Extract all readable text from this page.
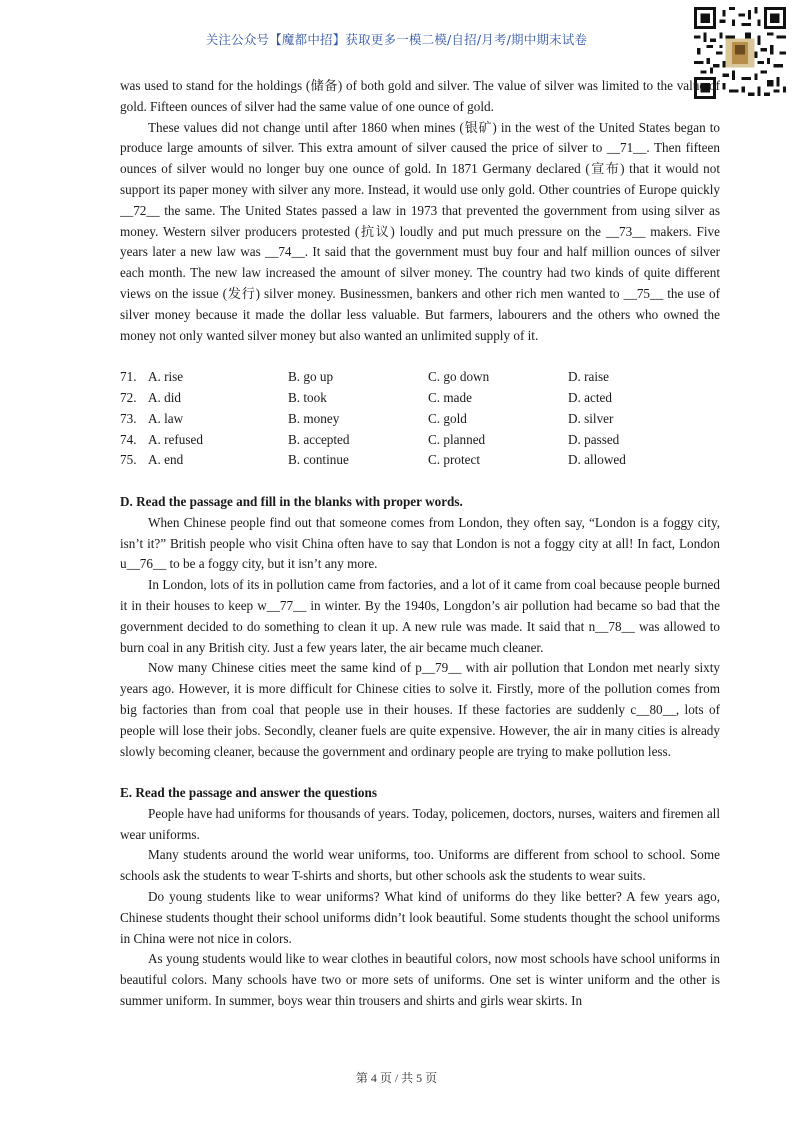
关注公众号【魔都中招】获取更多一模二模/自招/月考/期中期末试卷

was used to stand for the holdings (储备) of both gold and silver. The value of silver was limited to the value of gold. Fifteen ounces of silver had the same value of one ounce of gold.

These values did not change until after 1860 when mines (银矿) in the west of the United States began to produce large amounts of silver. This extra amount of silver caused the price of silver to __71__. Then fifteen ounces of silver would no longer buy one ounce of gold. In 1871 Germany declared (宣布) that it would not support its paper money with silver any more. Instead, it would use only gold. Other countries of Europe quickly __72__ the same. The United States passed a law in 1973 that prevented the government from using silver as money. Western silver producers protested (抗议) loudly and put much pressure on the __73__ makers. Five years later a new law was __74__. It said that the government must buy four and half million ounces of silver each month. The new law increased the amount of silver money. The country had two kinds of quite different views on the issue (发行) silver money. Businessmen, bankers and other rich men wanted to __75__ the use of silver money because it made the dollar less valuable. But farmers, labourers and the others who owned the money not only wanted silver money but also wanted an unlimited supply of it.

71. A. rise	B. go up	C. go down	D. raise
72. A. did	B. took	C. made	D. acted
73. A. law	B. money	C. gold	D. silver
74. A. refused	B. accepted	C. planned	D. passed
75. A. end	B. continue	C. protect	D. allowed

D. Read the passage and fill in the blanks with proper words.

When Chinese people find out that someone comes from London, they often say, “London is a foggy city, isn’t it?” British people who visit China often have to say that London is not a foggy city at all! In fact, London u__76__ to be a foggy city, but it isn’t any more.

In London, lots of its in pollution came from factories, and a lot of it came from coal because people burned it in their houses to keep w__77__ in winter. By the 1940s, Longdon’s air pollution had became so bad that the government decided to do something to clean it up. A new rule was made. It said that n__78__ was allowed to burn coal in any British city. Just a few years later, the air became much cleaner.

Now many Chinese cities meet the same kind of p__79__ with air pollution that London met nearly sixty years ago. However, it is more difficult for Chinese cities to solve it. Firstly, more of the pollution comes from big factories than from coal that people use in their houses. If these factories are suddenly c__80__, lots of people will lose their jobs. Secondly, cleaner fuels are quite expensive. However, the air in many cities is already slowly becoming cleaner, because the government and ordinary people are trying to make pollution less.

E. Read the passage and answer the questions

People have had uniforms for thousands of years. Today, policemen, doctors, nurses, waiters and firemen all wear uniforms.

Many students around the world wear uniforms, too. Uniforms are different from school to school. Some schools ask the students to wear T-shirts and shorts, but other schools ask the students to wear suits.

Do young students like to wear uniforms? What kind of uniforms do they like better? A few years ago, Chinese students thought their school uniforms didn’t look beautiful. Some students thought the school uniforms in China were not nice in colors.

As young students would like to wear clothes in beautiful colors, now most schools have school uniforms in beautiful colors. Many schools have two or more sets of uniforms. One set is winter uniform and the other is summer uniform. In summer, boys wear thin trousers and shirts and girls wear skirts. In

第 4 页 / 共 5 页
